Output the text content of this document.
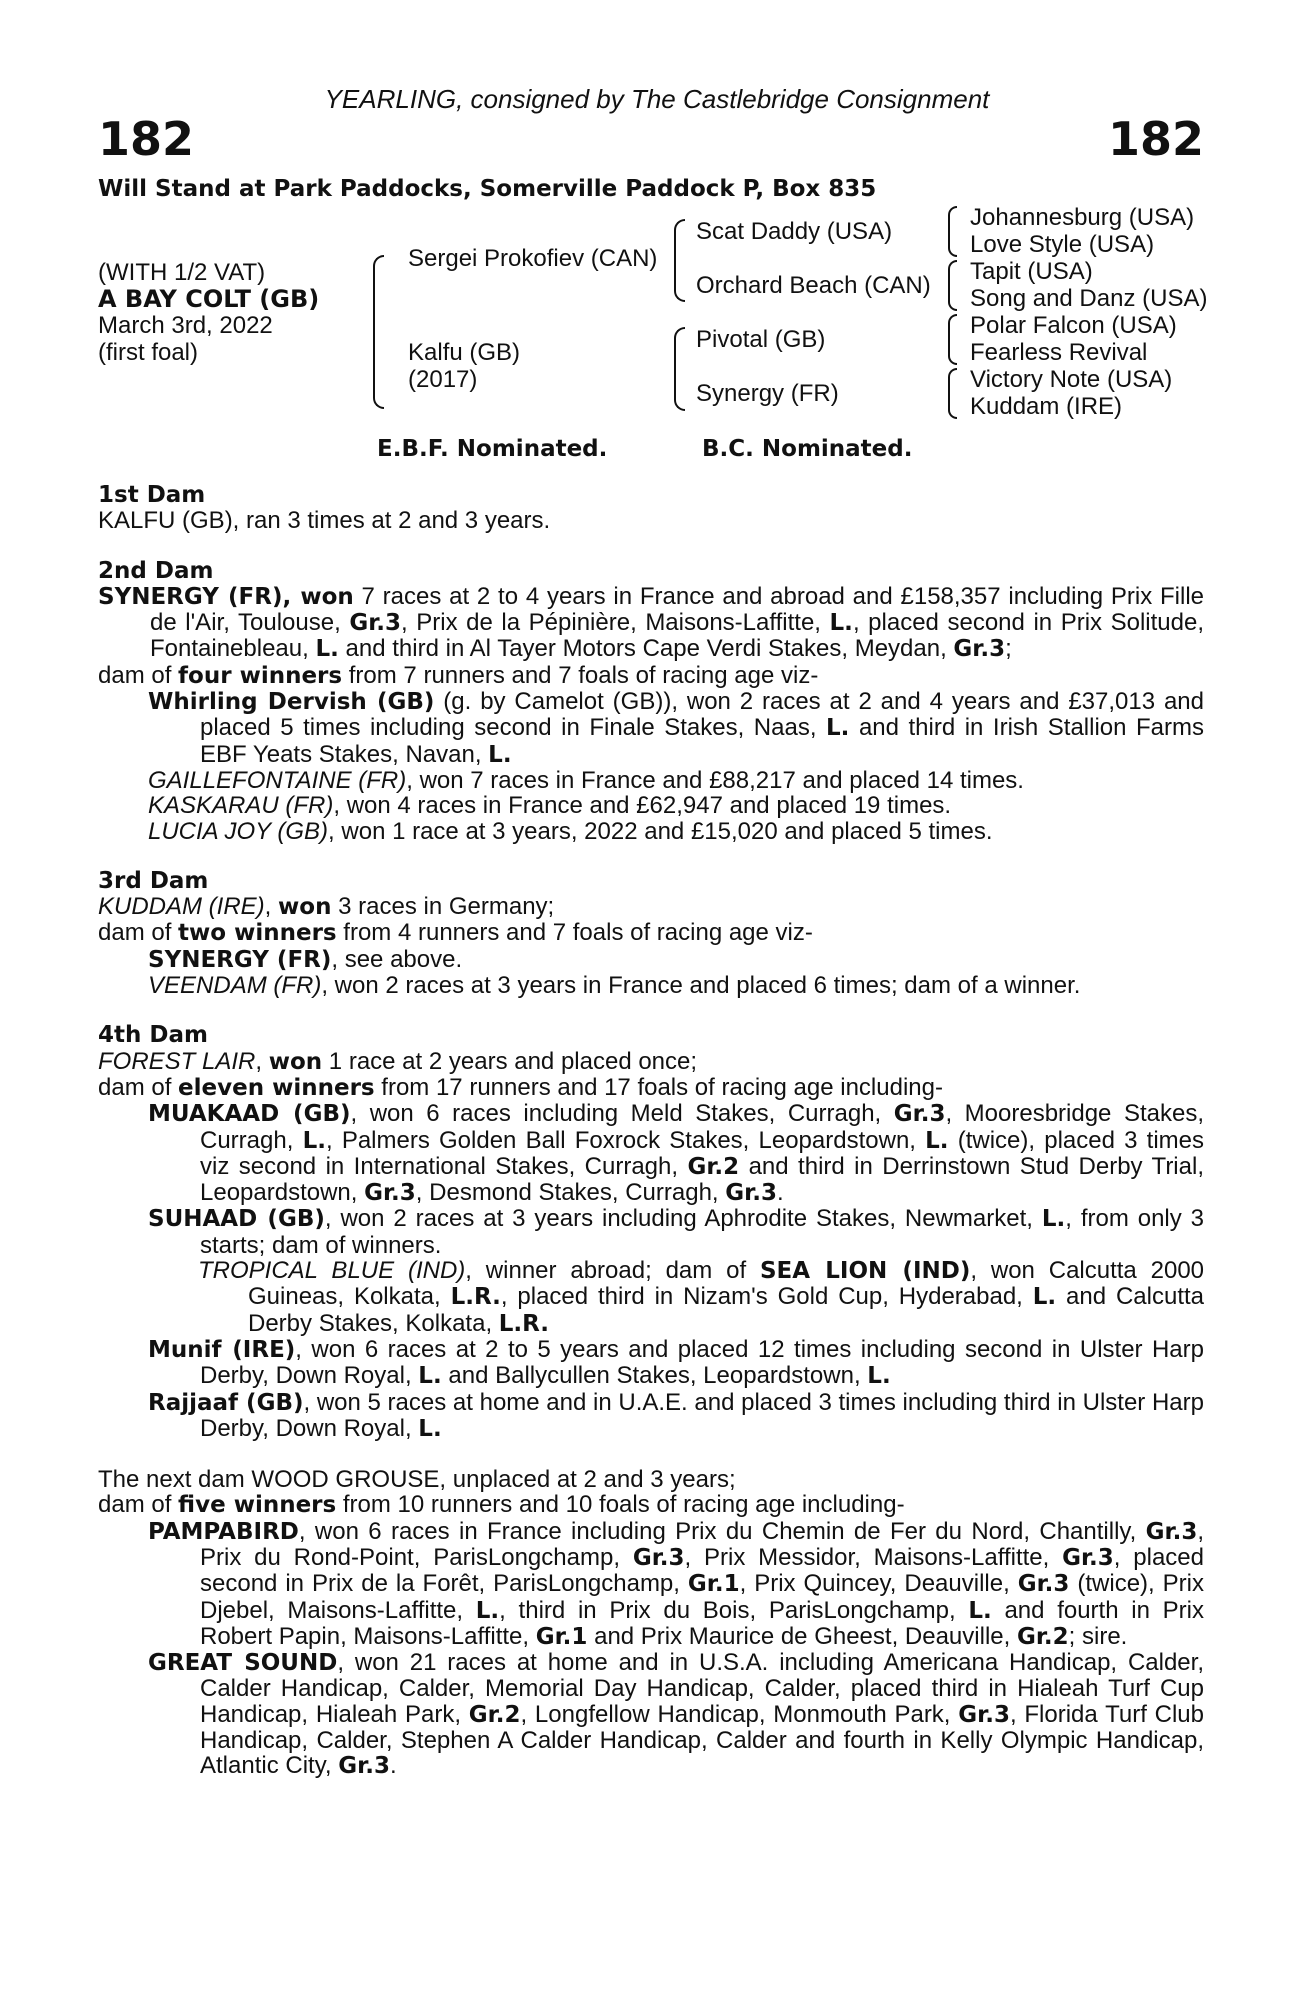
YEARLING, consigned by The Castlebridge Consignment
182	182
Will Stand at Park Paddocks, Somerville Paddock P, Box 835
(WITH 1/2 VAT)
A BAY COLT (GB)
March 3rd, 2022
(first foal)
Sergei Prokofiev (CAN)
Kalfu (GB)
(2017)
Scat Daddy (USA)
Orchard Beach (CAN)
Pivotal (GB)
Synergy (FR)
Johannesburg (USA)
Love Style (USA)
Tapit (USA)
Song and Danz (USA)
Polar Falcon (USA)
Fearless Revival
Victory Note (USA)
Kuddam (IRE)
E.B.F. Nominated.	B.C. Nominated.
1st Dam
KALFU (GB), ran 3 times at 2 and 3 years.
2nd Dam
SYNERGY (FR), won 7 races at 2 to 4 years in France and abroad and £158,357 including Prix Fille de l'Air, Toulouse, Gr.3, Prix de la Pépinière, Maisons-Laffitte, L., placed second in Prix Solitude, Fontainebleau, L. and third in Al Tayer Motors Cape Verdi Stakes, Meydan, Gr.3;
dam of four winners from 7 runners and 7 foals of racing age viz-
Whirling Dervish (GB) (g. by Camelot (GB)), won 2 races at 2 and 4 years and £37,013 and placed 5 times including second in Finale Stakes, Naas, L. and third in Irish Stallion Farms EBF Yeats Stakes, Navan, L.
GAILLEFONTAINE (FR), won 7 races in France and £88,217 and placed 14 times.
KASKARAU (FR), won 4 races in France and £62,947 and placed 19 times.
LUCIA JOY (GB), won 1 race at 3 years, 2022 and £15,020 and placed 5 times.
3rd Dam
KUDDAM (IRE), won 3 races in Germany;
dam of two winners from 4 runners and 7 foals of racing age viz-
SYNERGY (FR), see above.
VEENDAM (FR), won 2 races at 3 years in France and placed 6 times; dam of a winner.
4th Dam
FOREST LAIR, won 1 race at 2 years and placed once;
dam of eleven winners from 17 runners and 17 foals of racing age including-
MUAKAAD (GB), won 6 races including Meld Stakes, Curragh, Gr.3, Mooresbridge Stakes, Curragh, L., Palmers Golden Ball Foxrock Stakes, Leopardstown, L. (twice), placed 3 times viz second in International Stakes, Curragh, Gr.2 and third in Derrinstown Stud Derby Trial, Leopardstown, Gr.3, Desmond Stakes, Curragh, Gr.3.
SUHAAD (GB), won 2 races at 3 years including Aphrodite Stakes, Newmarket, L., from only 3 starts; dam of winners.
TROPICAL BLUE (IND), winner abroad; dam of SEA LION (IND), won Calcutta 2000 Guineas, Kolkata, L.R., placed third in Nizam's Gold Cup, Hyderabad, L. and Calcutta Derby Stakes, Kolkata, L.R.
Munif (IRE), won 6 races at 2 to 5 years and placed 12 times including second in Ulster Harp Derby, Down Royal, L. and Ballycullen Stakes, Leopardstown, L.
Rajjaaf (GB), won 5 races at home and in U.A.E. and placed 3 times including third in Ulster Harp Derby, Down Royal, L.
The next dam WOOD GROUSE, unplaced at 2 and 3 years;
dam of five winners from 10 runners and 10 foals of racing age including-
PAMPABIRD, won 6 races in France including Prix du Chemin de Fer du Nord, Chantilly, Gr.3, Prix du Rond-Point, ParisLongchamp, Gr.3, Prix Messidor, Maisons-Laffitte, Gr.3, placed second in Prix de la Forêt, ParisLongchamp, Gr.1, Prix Quincey, Deauville, Gr.3 (twice), Prix Djebel, Maisons-Laffitte, L., third in Prix du Bois, ParisLongchamp, L. and fourth in Prix Robert Papin, Maisons-Laffitte, Gr.1 and Prix Maurice de Gheest, Deauville, Gr.2; sire.
GREAT SOUND, won 21 races at home and in U.S.A. including Americana Handicap, Calder, Calder Handicap, Calder, Memorial Day Handicap, Calder, placed third in Hialeah Turf Cup Handicap, Hialeah Park, Gr.2, Longfellow Handicap, Monmouth Park, Gr.3, Florida Turf Club Handicap, Calder, Stephen A Calder Handicap, Calder and fourth in Kelly Olympic Handicap, Atlantic City, Gr.3.
